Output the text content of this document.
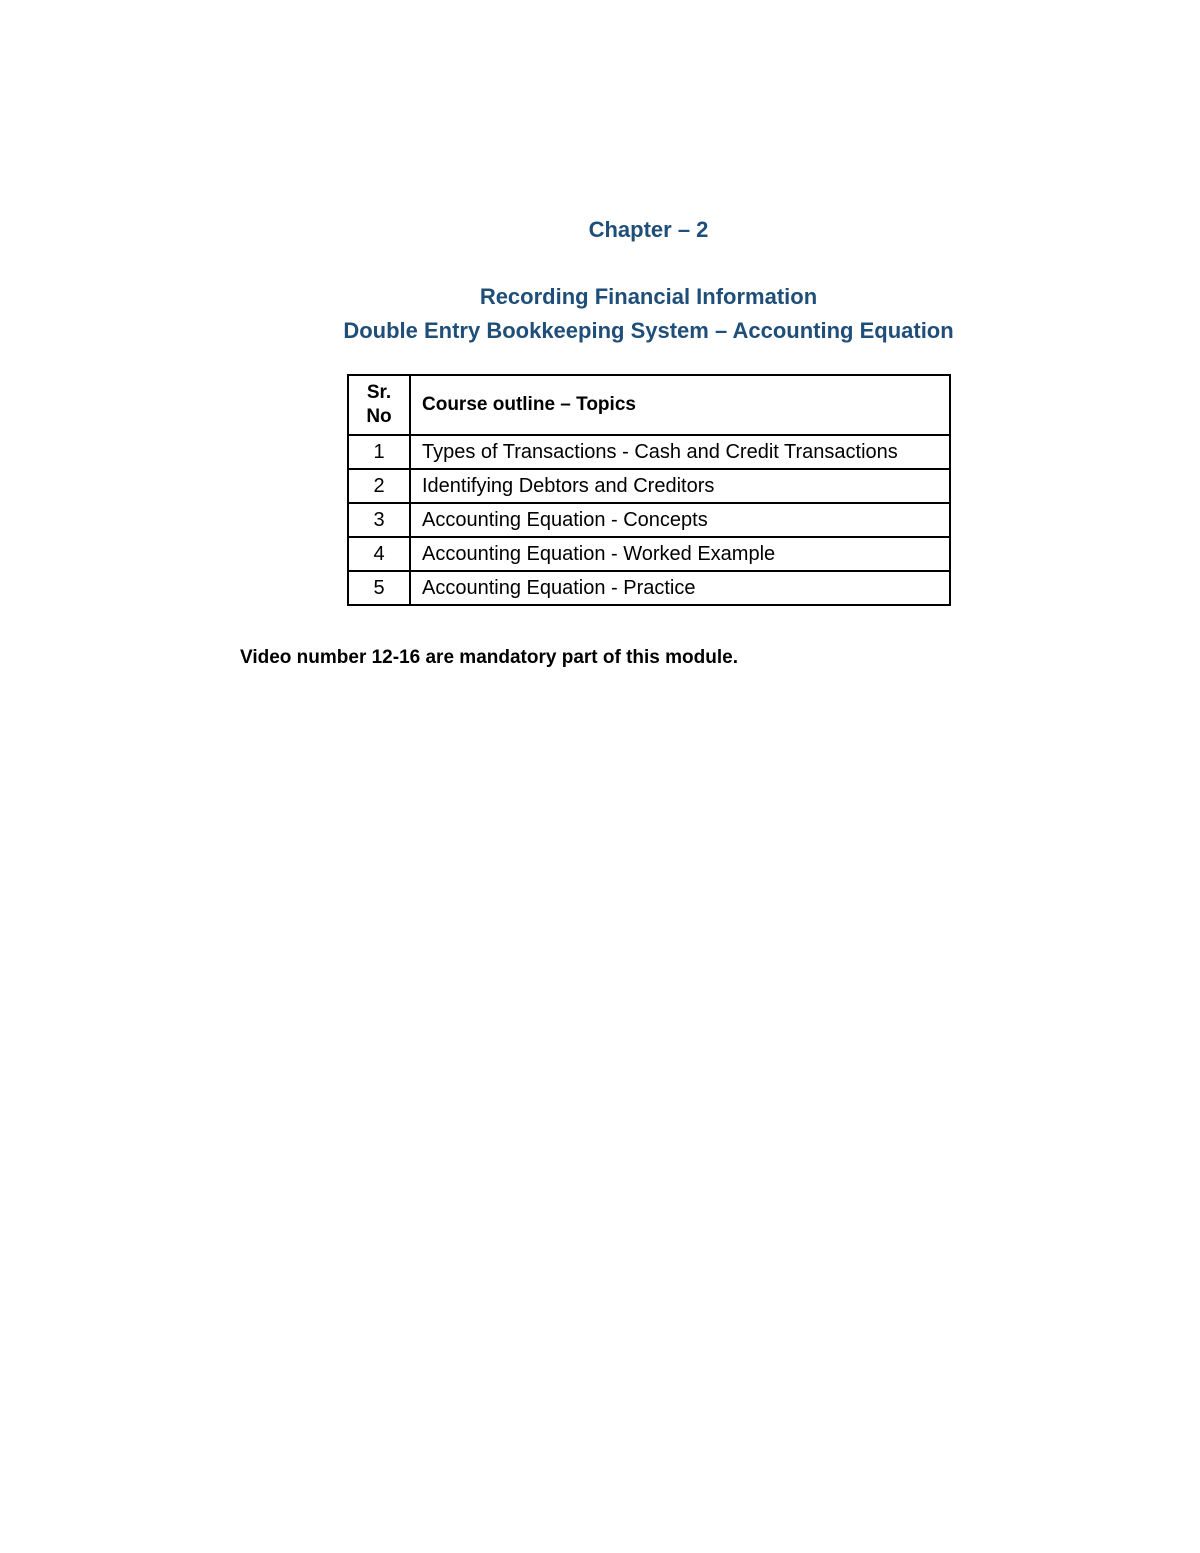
Chapter – 2
Recording Financial Information
Double Entry Bookkeeping System – Accounting Equation
Sr.
No	Course outline – Topics
1	Types of Transactions - Cash and Credit Transactions
2	Identifying Debtors and Creditors
3	Accounting Equation - Concepts
4	Accounting Equation - Worked Example
5	Accounting Equation - Practice
Video number 12-16 are mandatory part of this module.
